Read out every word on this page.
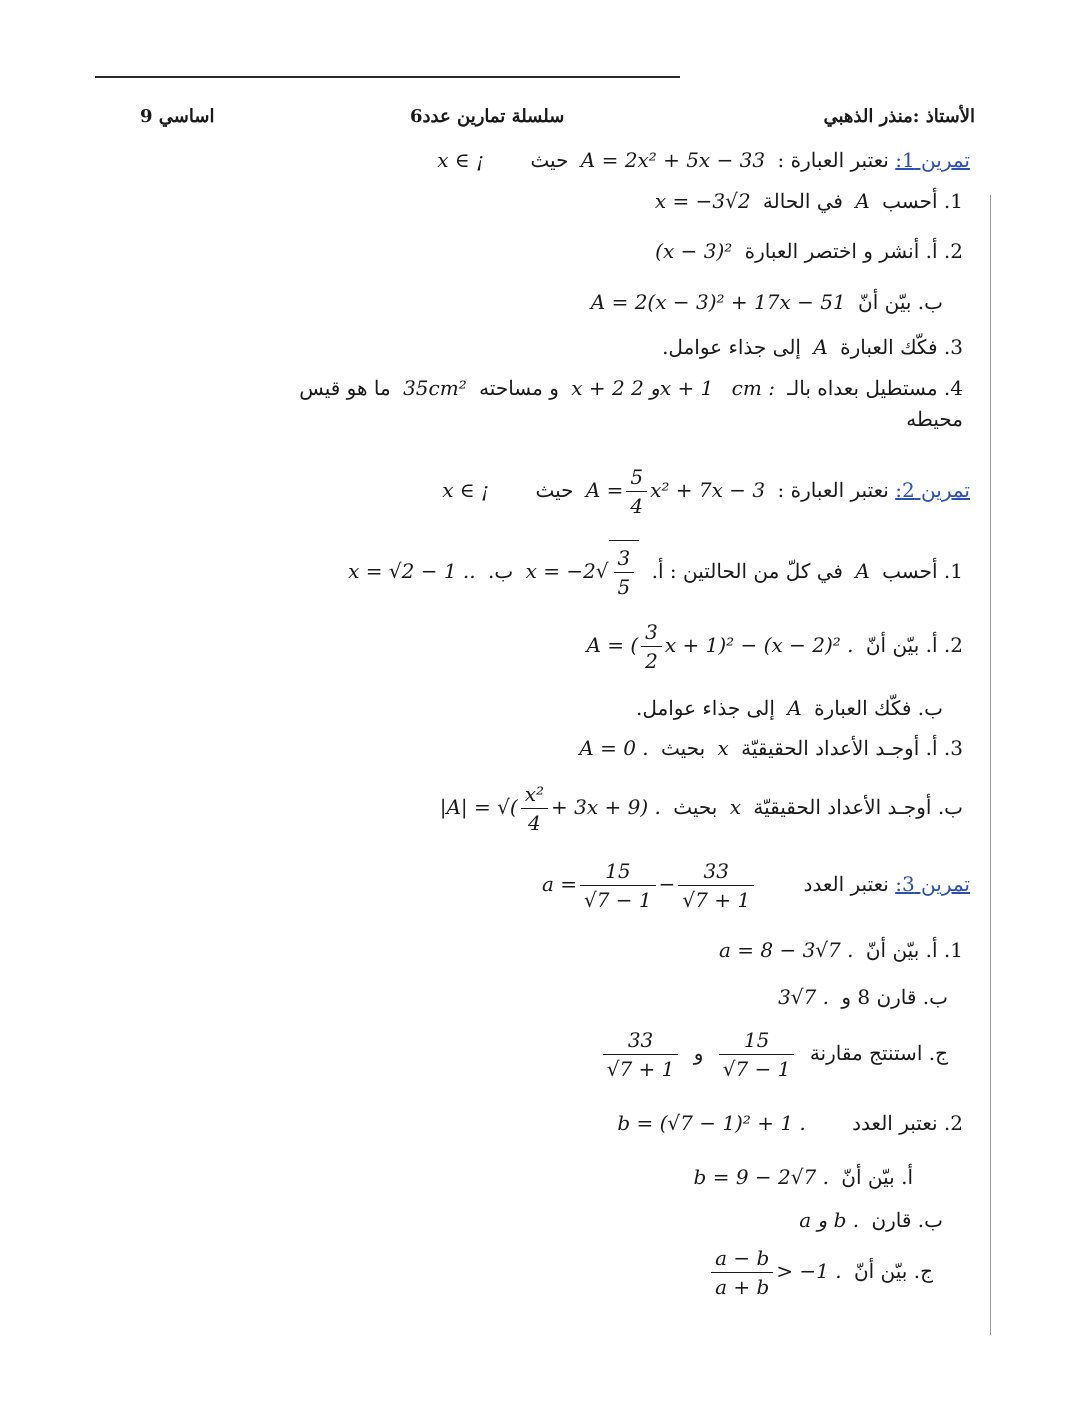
الأستاذ :منذر الذهبي
سلسلة تمارين عدد6
9 اساسي
تمرين 1: نعتبر العبارة : A = 2x² + 5x − 33 حيث x ∈ ¡
1. أحسب A في الحالة x = −3√2
2. أ. أنشر و اختصر العبارة (x − 3)²
ب. بيّن أنّ A = 2(x − 3)² + 17x − 51
3. فكّك العبارة A إلى جذاء عوامل.
4. مستطيل بعداه بالـ cm : x + 2 و 2x + 1 و مساحته 35cm² ما هو قيس
محيطه
تمرين 2: نعتبر العبارة : $A = \frac{5}{4} x^2 + 7x - 3$ حيث x ∈ ¡
1. أحسب A في كلّ من الحالتين : أ. $x = -2√ \frac{3}{5}$
ب. x = √2 − 1 ..
2. أ. بيّن أنّ A = ( $\frac{3}{2}$ x + 1)² − (x − 2)² .
ب. فكّك العبارة A إلى جذاء عوامل.
3. أ. أوجـد الأعداد الحقيقيّة x بحيث A = 0 .
ب. أوجـد الأعداد الحقيقيّة x بحيث |A| = √( $\frac{\text{x²}}{4} + 3x + 9$) .
تمرين 3: نعتبر العدد $a = \frac{15}{√7 - 1} - \frac{33}{√7 + 1}$
1. أ. بيّن أنّ a = 8 − 3√7 .
ب. قارن 8 و 3√7 .
ج. استنتج مقارنة
$\frac{15}{√7 - 1}$
و
$\frac{33}{√7 + 1}$
2. نعتبر العدد b = (√7 − 1)² + 1 .
أ. بيّن أنّ b = 9 − 2√7 .
ب. قارن a و b .
ج. بيّن أنّ
$\frac{a - b}{a + b} > -1$ .
